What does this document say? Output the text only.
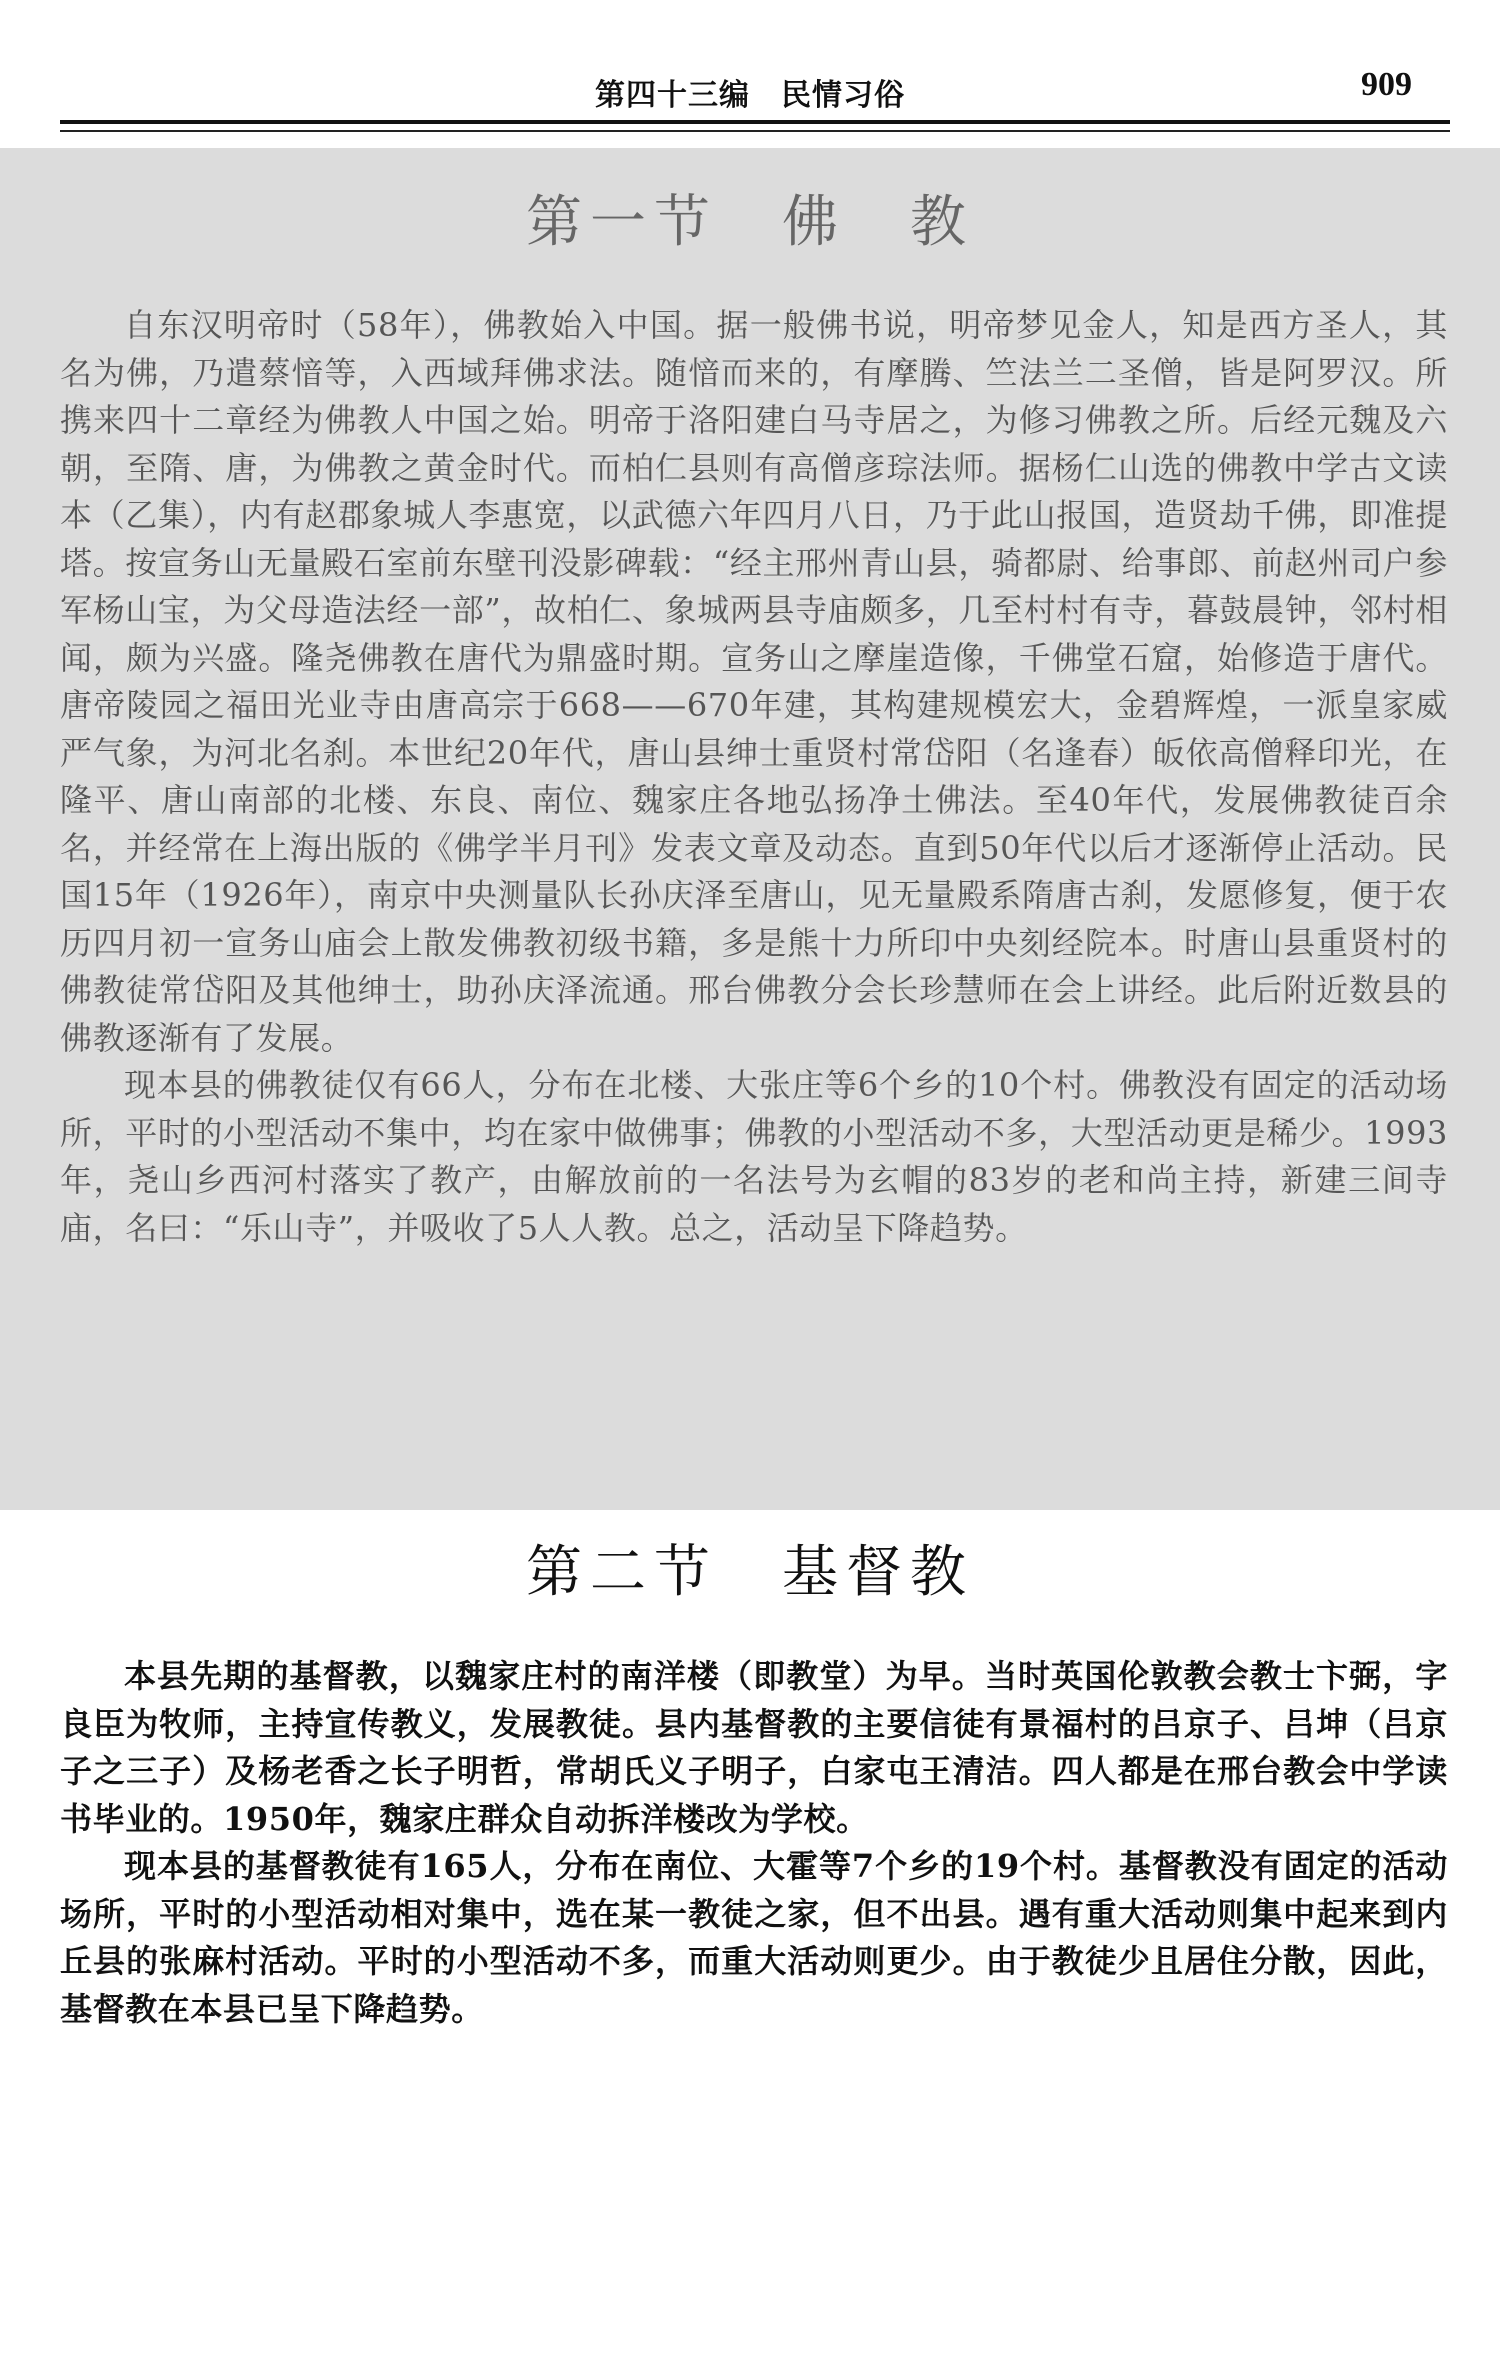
第四十三编　民情习俗	909
第一节　佛　教

自东汉明帝时（58年），佛教始入中国。据一般佛书说，明帝梦见金人，知是西方圣人，其名为佛，乃遣蔡愔等，入西域拜佛求法。随愔而来的，有摩腾、竺法兰二圣僧，皆是阿罗汉。所携来四十二章经为佛教人中国之始。明帝于洛阳建白马寺居之，为修习佛教之所。后经元魏及六朝，至隋、唐，为佛教之黄金时代。而柏仁县则有高僧彦琮法师。据杨仁山选的佛教中学古文读本（乙集），内有赵郡象城人李惠宽，以武德六年四月八日，乃于此山报国，造贤劫千佛，即准提塔。按宣务山无量殿石室前东壁刊没影碑载：“经主邢州青山县，骑都尉、给事郎、前赵州司户参军杨山宝，为父母造法经一部”，故柏仁、象城两县寺庙颇多，几至村村有寺，暮鼓晨钟，邻村相闻，颇为兴盛。隆尧佛教在唐代为鼎盛时期。宣务山之摩崖造像，千佛堂石窟，始修造于唐代。唐帝陵园之福田光业寺由唐高宗于668——670年建，其构建规模宏大，金碧辉煌，一派皇家威严气象，为河北名刹。本世纪20年代，唐山县绅士重贤村常岱阳（名逢春）皈依高僧释印光，在隆平、唐山南部的北楼、东良、南位、魏家庄各地弘扬净土佛法。至40年代，发展佛教徒百余名，并经常在上海出版的《佛学半月刊》发表文章及动态。直到50年代以后才逐渐停止活动。民国15年（1926年），南京中央测量队长孙庆泽至唐山，见无量殿系隋唐古刹，发愿修复，便于农历四月初一宣务山庙会上散发佛教初级书籍，多是熊十力所印中央刻经院本。时唐山县重贤村的佛教徒常岱阳及其他绅士，助孙庆泽流通。邢台佛教分会长珍慧师在会上讲经。此后附近数县的佛教逐渐有了发展。

现本县的佛教徒仅有66人，分布在北楼、大张庄等6个乡的10个村。佛教没有固定的活动场所，平时的小型活动不集中，均在家中做佛事；佛教的小型活动不多，大型活动更是稀少。1993年，尧山乡西河村落实了教产，由解放前的一名法号为玄帽的83岁的老和尚主持，新建三间寺庙，名曰：“乐山寺”，并吸收了5人人教。总之，活动呈下降趋势。

第二节　基督教

本县先期的基督教，以魏家庄村的南洋楼（即教堂）为早。当时英国伦敦教会教士卞弼，字良臣为牧师，主持宣传教义，发展教徒。县内基督教的主要信徒有景福村的吕京子、吕坤（吕京子之三子）及杨老香之长子明哲，常胡氏义子明子，白家屯王清洁。四人都是在邢台教会中学读书毕业的。1950年，魏家庄群众自动拆洋楼改为学校。

现本县的基督教徒有165人，分布在南位、大霍等7个乡的19个村。基督教没有固定的活动场所，平时的小型活动相对集中，选在某一教徒之家，但不出县。遇有重大活动则集中起来到内丘县的张麻村活动。平时的小型活动不多，而重大活动则更少。由于教徒少且居住分散，因此，基督教在本县已呈下降趋势。
